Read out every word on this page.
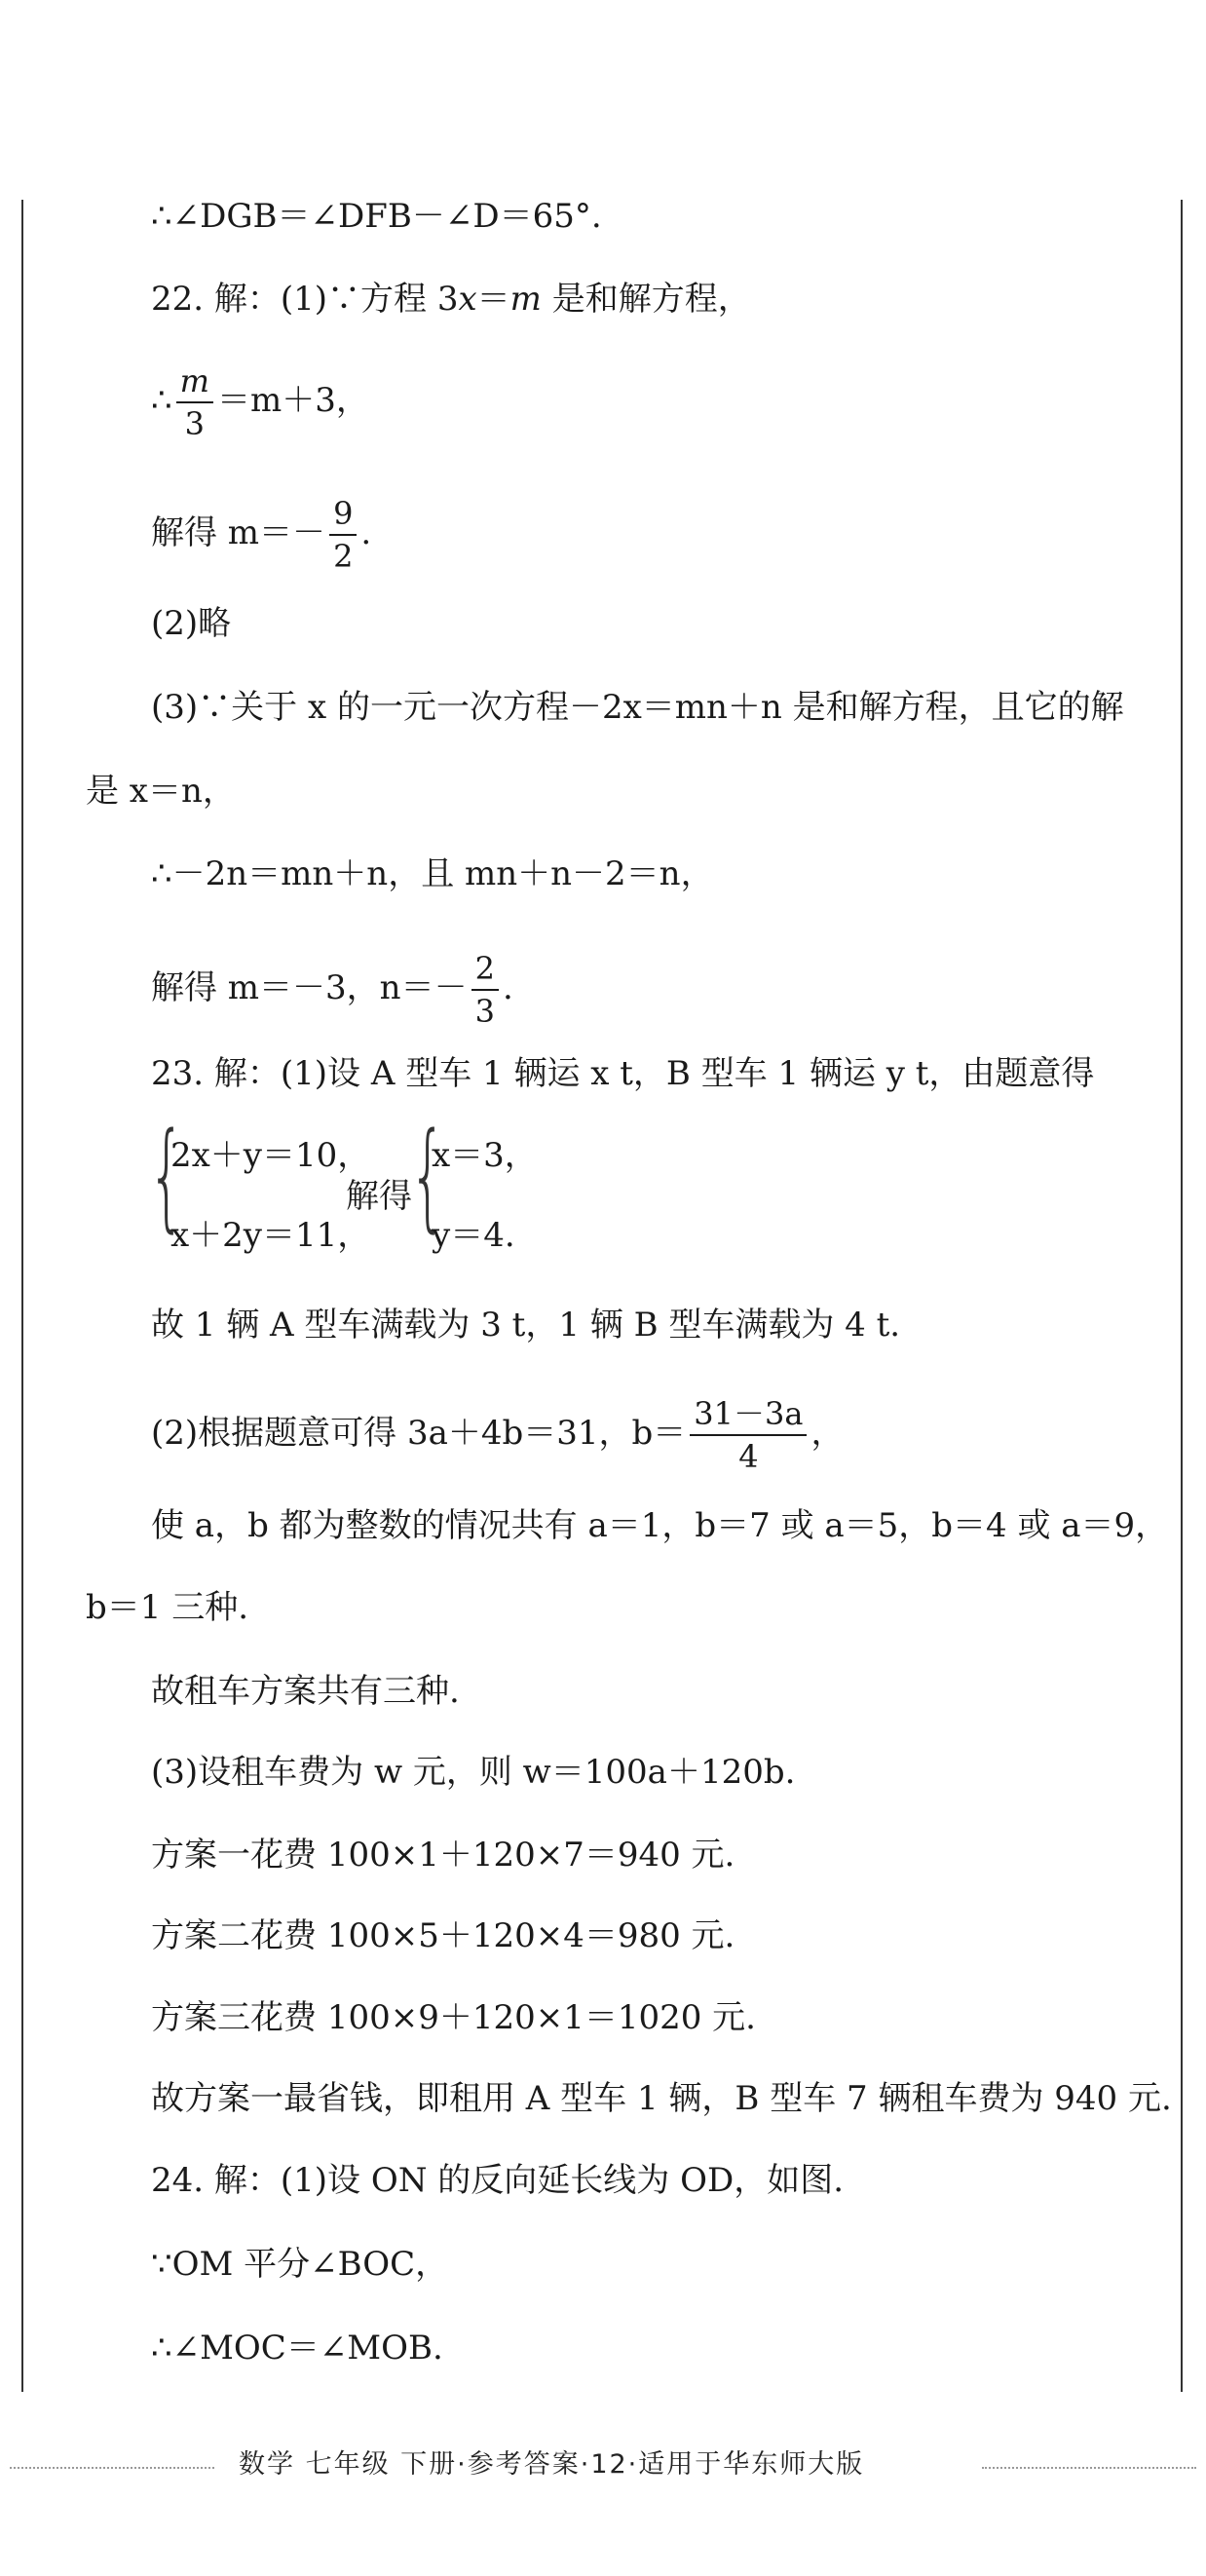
∴∠DGB＝∠DFB－∠D＝65°.
22. 解：(1)∵方程 3x＝m 是和解方程，
∴ $\frac{m}{3} =m+3$，
解得 $m=- \frac{9}{2}$ .
(2)略
(3)∵关于 x 的一元一次方程－2x＝mn＋n 是和解方程，且它的解
是 x＝n，
∴－2n＝mn＋n，且 mn＋n－2＝n，
解得 m＝－3，$n=- \frac{2}{3}$ .
23. 解：(1)设 A 型车 1 辆运 x t，B 型车 1 辆运 y t，由题意得
{
2x＋y＝10，
x＋2y＝11，
解得
{
x＝3，
y＝4.
故 1 辆 A 型车满载为 3 t，1 辆 B 型车满载为 4 t.
(2)根据题意可得 3a＋4b＝31，$b= \frac{31-3a}{4}$ ，
使 a，b 都为整数的情况共有 a＝1，b＝7 或 a＝5，b＝4 或 a＝9，
b＝1 三种.
故租车方案共有三种.
(3)设租车费为 w 元，则 w＝100a＋120b.
方案一花费 100×1＋120×7＝940 元.
方案二花费 100×5＋120×4＝980 元.
方案三花费 100×9＋120×1＝1020 元.
故方案一最省钱，即租用 A 型车 1 辆，B 型车 7 辆租车费为 940 元.
24. 解：(1)设 ON 的反向延长线为 OD，如图.
∵OM 平分∠BOC，
∴∠MOC＝∠MOB.
数学 七年级 下册·参考答案·12·适用于华东师大版
